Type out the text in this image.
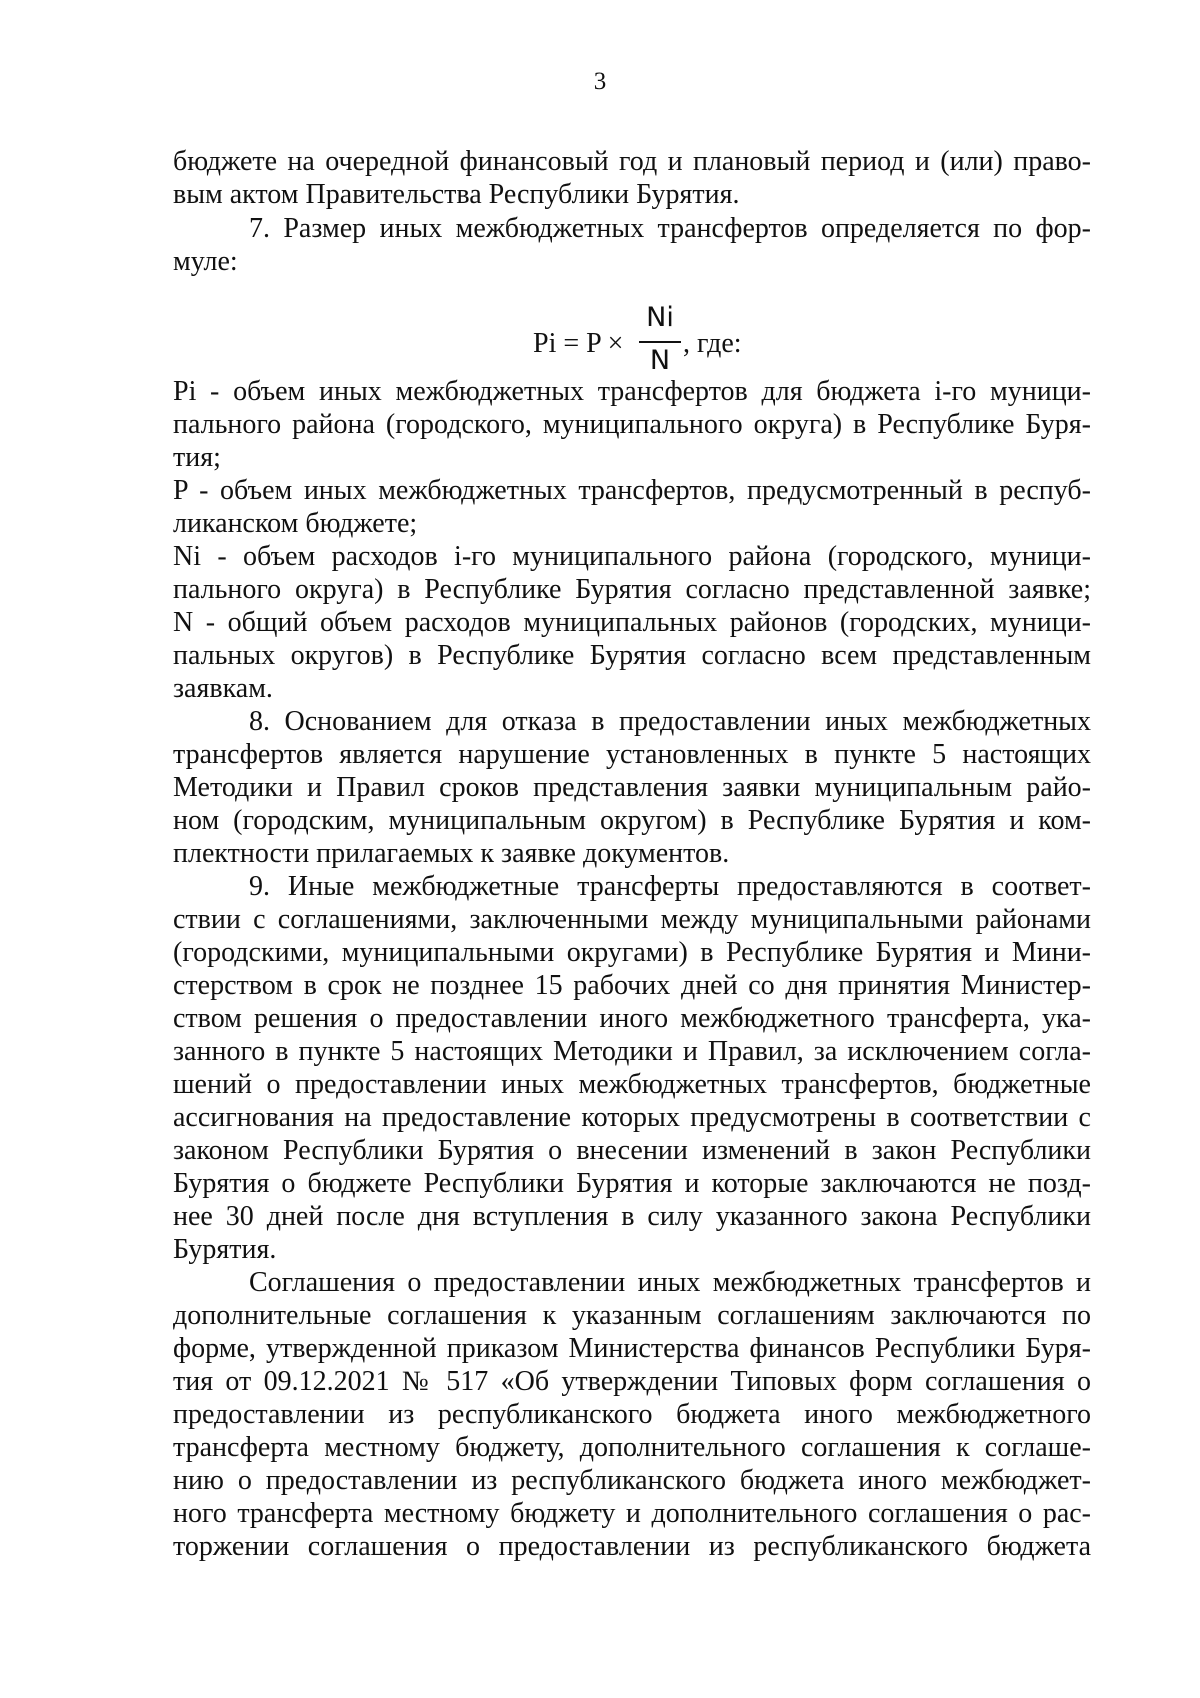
3

бюджете на очередной финансовый год и плановый период и (или) право-

вым актом Правительства Республики Бурятия.

7. Размер иных межбюджетных трансфертов определяется по фор-

муле:

Pi = P ×
Ni
N
, где:

Pi - объем иных межбюджетных трансфертов для бюджета i-го муници-

пального района (городского, муниципального округа) в Республике Буря-

тия;

P - объем иных межбюджетных трансфертов, предусмотренный в респуб-

ликанском бюджете;

Ni - объем расходов i-го муниципального района (городского, муници-

пального округа) в Республике Бурятия согласно представленной заявке;

N - общий объем расходов муниципальных районов (городских, муници-

пальных округов) в Республике Бурятия согласно всем представленным

заявкам.

8. Основанием для отказа в предоставлении иных межбюджетных

трансфертов является нарушение установленных в пункте 5 настоящих

Методики и Правил сроков представления заявки муниципальным райо-

ном (городским, муниципальным округом) в Республике Бурятия и ком-

плектности прилагаемых к заявке документов.

9. Иные межбюджетные трансферты предоставляются в соответ-

ствии с соглашениями, заключенными между муниципальными районами

(городскими, муниципальными округами) в Республике Бурятия и Мини-

стерством в срок не позднее 15 рабочих дней со дня принятия Министер-

ством решения о предоставлении иного межбюджетного трансферта, ука-

занного в пункте 5 настоящих Методики и Правил, за исключением согла-

шений о предоставлении иных межбюджетных трансфертов, бюджетные

ассигнования на предоставление которых предусмотрены в соответствии с

законом Республики Бурятия о внесении изменений в закон Республики

Бурятия о бюджете Республики Бурятия и которые заключаются не позд-

нее 30 дней после дня вступления в силу указанного закона Республики

Бурятия.

Соглашения о предоставлении иных межбюджетных трансфертов и

дополнительные соглашения к указанным соглашениям заключаются по

форме, утвержденной приказом Министерства финансов Республики Буря-

тия от 09.12.2021 № 517 «Об утверждении Типовых форм соглашения о

предоставлении из республиканского бюджета иного межбюджетного

трансферта местному бюджету, дополнительного соглашения к соглаше-

нию о предоставлении из республиканского бюджета иного межбюджет-

ного трансферта местному бюджету и дополнительного соглашения о рас-

торжении соглашения о предоставлении из республиканского бюджета
